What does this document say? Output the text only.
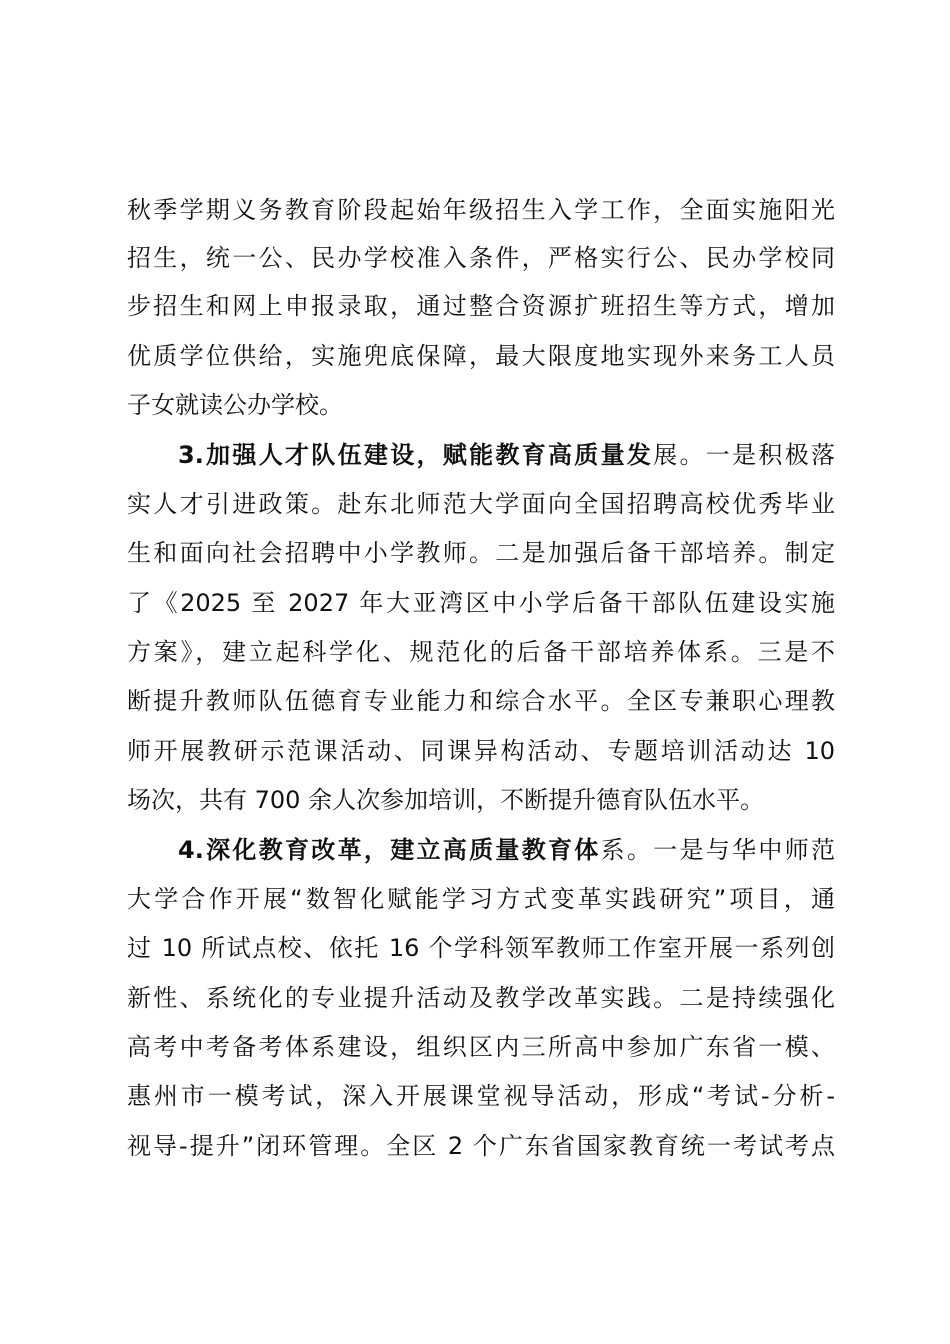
秋季学期义务教育阶段起始年级招生入学工作，全面实施阳光
招生，统一公、民办学校准入条件，严格实行公、民办学校同
步招生和网上申报录取，通过整合资源扩班招生等方式，增加
优质学位供给，实施兜底保障，最大限度地实现外来务工人员
子女就读公办学校。
3.加强人才队伍建设，赋能教育高质量发展。一是积极落
实人才引进政策。赴东北师范大学面向全国招聘高校优秀毕业
生和面向社会招聘中小学教师。二是加强后备干部培养。制定
了《2025 至 2027 年大亚湾区中小学后备干部队伍建设实施
方案》，建立起科学化、规范化的后备干部培养体系。三是不
断提升教师队伍德育专业能力和综合水平。全区专兼职心理教
师开展教研示范课活动、同课异构活动、专题培训活动达 10
场次，共有 700 余人次参加培训，不断提升德育队伍水平。
4.深化教育改革，建立高质量教育体系。一是与华中师范
大学合作开展“数智化赋能学习方式变革实践研究”项目，通
过 10 所试点校、依托 16 个学科领军教师工作室开展一系列创
新性、系统化的专业提升活动及教学改革实践。二是持续强化
高考中考备考体系建设，组织区内三所高中参加广东省一模、
惠州市一模考试，深入开展课堂视导活动，形成“考试-分析-
视导-提升”闭环管理。全区 2 个广东省国家教育统一考试考点
